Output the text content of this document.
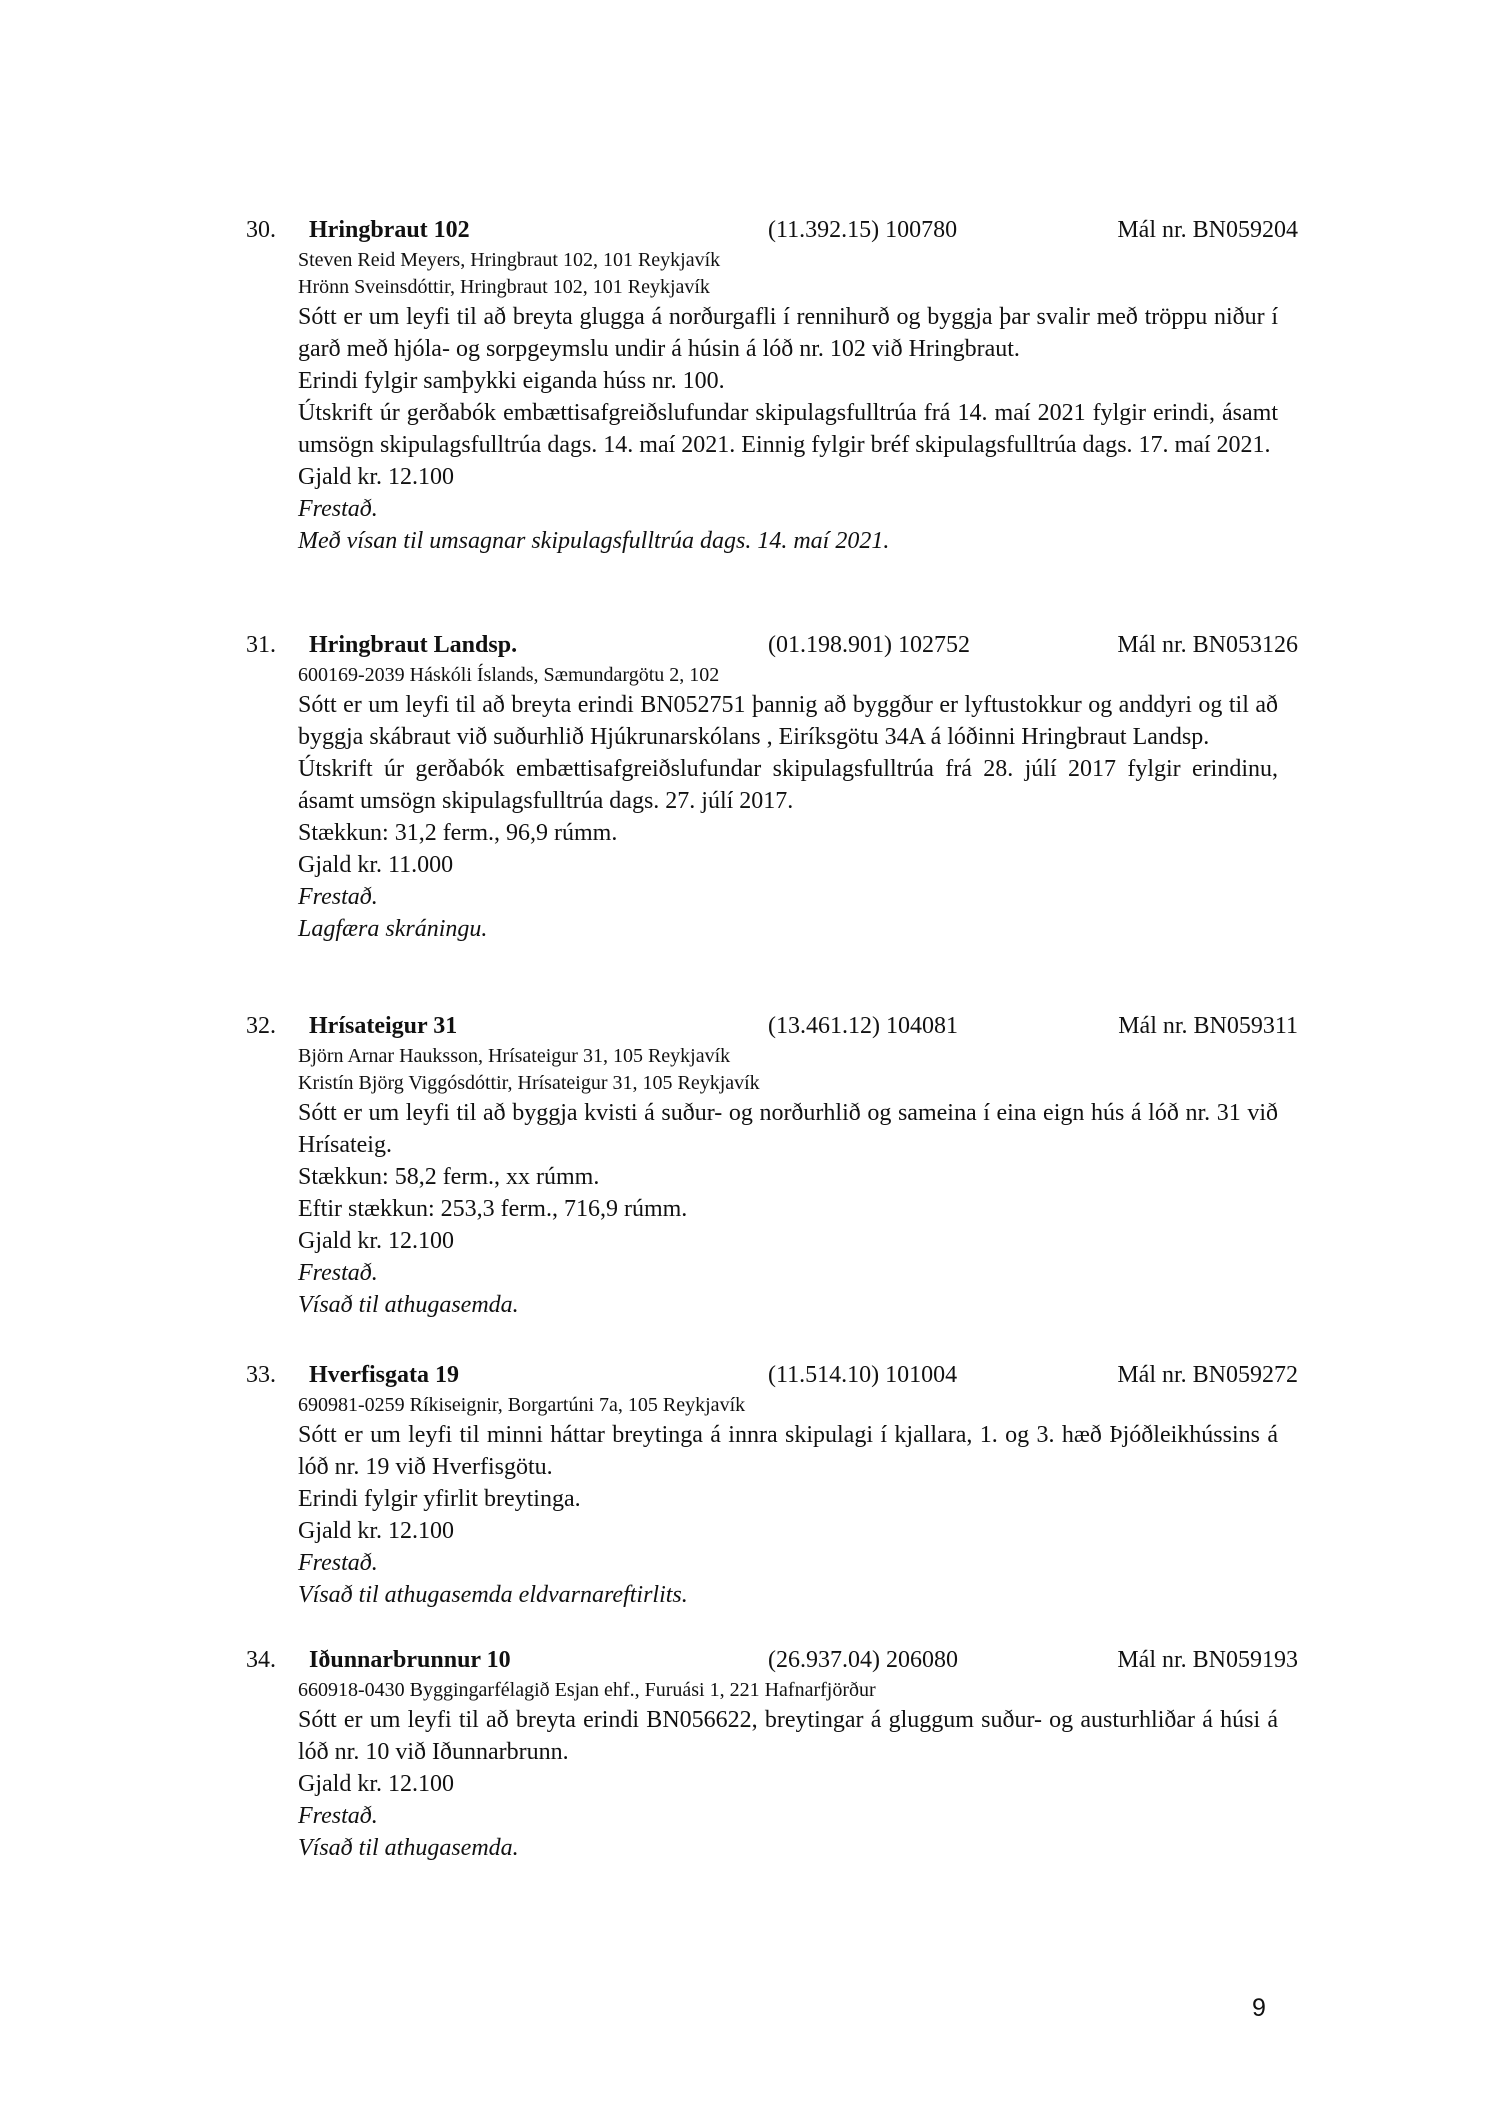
30. Hringbraut 102	(11.392.15) 100780	Mál nr. BN059204
Steven Reid Meyers, Hringbraut 102, 101 Reykjavík
Hrönn Sveinsdóttir, Hringbraut 102, 101 Reykjavík
Sótt er um leyfi til að breyta glugga á norðurgafli í rennihurð og byggja þar svalir með tröppu niður í garð með hjóla- og sorpgeymslu undir á húsin á lóð nr. 102 við Hringbraut.
Erindi fylgir samþykki eiganda húss nr. 100.
Útskrift úr gerðabók embættisafgreiðslufundar skipulagsfulltrúa frá 14. maí 2021 fylgir erindi, ásamt umsögn skipulagsfulltrúa dags. 14. maí 2021. Einnig fylgir bréf skipulagsfulltrúa dags. 17. maí 2021.
Gjald kr. 12.100
Frestað.
Með vísan til umsagnar skipulagsfulltrúa dags. 14. maí 2021.
31. Hringbraut Landsp.	(01.198.901) 102752	Mál nr. BN053126
600169-2039 Háskóli Íslands, Sæmundargötu 2, 102
Sótt er um leyfi til að breyta erindi BN052751 þannig að byggður er lyftustokkur og anddyri og til að byggja skábraut við suðurhlið Hjúkrunarskólans , Eiríksgötu 34A á lóðinni Hringbraut Landsp.
Útskrift úr gerðabók embættisafgreiðslufundar skipulagsfulltrúa frá 28. júlí 2017 fylgir erindinu, ásamt umsögn skipulagsfulltrúa dags. 27. júlí 2017.
Stækkun: 31,2 ferm., 96,9 rúmm.
Gjald kr. 11.000
Frestað.
Lagfæra skráningu.
32. Hrísateigur 31	(13.461.12) 104081	Mál nr. BN059311
Björn Arnar Hauksson, Hrísateigur 31, 105 Reykjavík
Kristín Björg Viggósdóttir, Hrísateigur 31, 105 Reykjavík
Sótt er um leyfi til að byggja kvisti á suður- og norðurhlið og sameina í eina eign hús á lóð nr. 31 við Hrísateig.
Stækkun: 58,2 ferm., xx rúmm.
Eftir stækkun: 253,3 ferm., 716,9 rúmm.
Gjald kr. 12.100
Frestað.
Vísað til athugasemda.
33. Hverfisgata 19	(11.514.10) 101004	Mál nr. BN059272
690981-0259 Ríkiseignir, Borgartúni 7a, 105 Reykjavík
Sótt er um leyfi til minni háttar breytinga á innra skipulagi í kjallara, 1. og 3. hæð Þjóðleikhússins á lóð nr. 19 við Hverfisgötu.
Erindi fylgir yfirlit breytinga.
Gjald kr. 12.100
Frestað.
Vísað til athugasemda eldvarnareftirlits.
34. Iðunnarbrunnur 10	(26.937.04) 206080	Mál nr. BN059193
660918-0430 Byggingarfélagið Esjan ehf., Furuási 1, 221 Hafnarfjörður
Sótt er um leyfi til að breyta erindi BN056622, breytingar á gluggum suður- og austurhliðar á húsi á lóð nr. 10 við Iðunnarbrunn.
Gjald kr. 12.100
Frestað.
Vísað til athugasemda.
9
